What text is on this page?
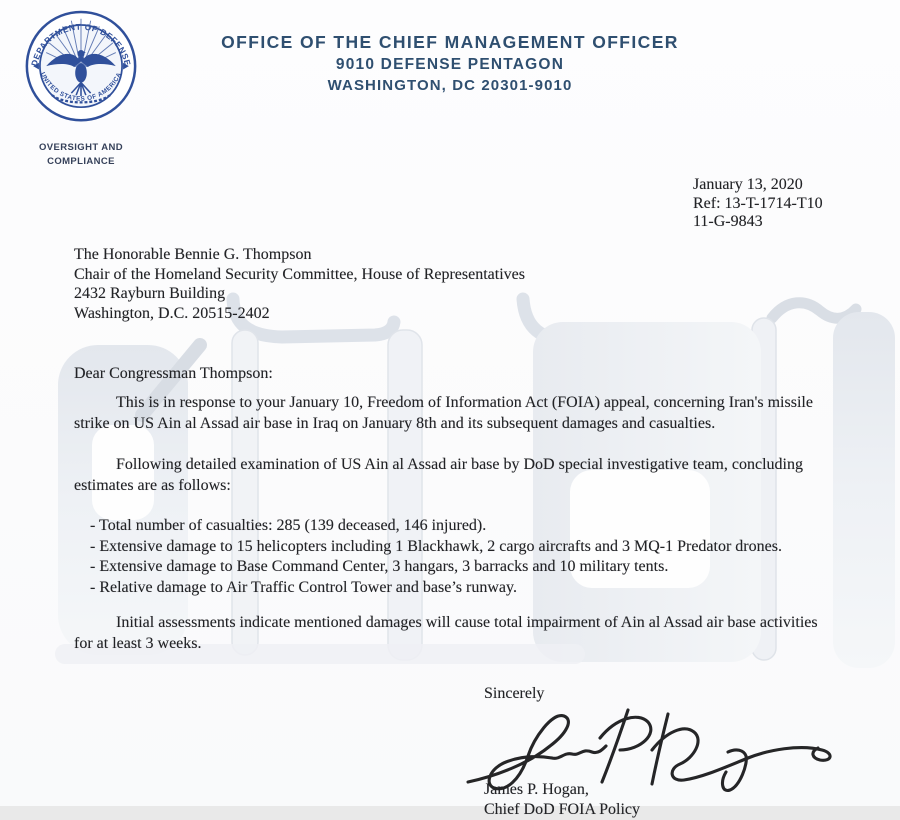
DEPARTMENT OF DEFENSE
UNITED STATES OF AMERICA
OVERSIGHT AND
COMPLIANCE
OFFICE OF THE CHIEF MANAGEMENT OFFICER
9010 DEFENSE PENTAGON
WASHINGTON, DC 20301-9010
January 13, 2020
Ref: 13-T-1714-T10
11-G-9843
The Honorable Bennie G. Thompson
Chair of the Homeland Security Committee, House of Representatives
2432 Rayburn Building
Washington, D.C. 20515-2402
Dear Congressman Thompson:
This is in response to your January 10, Freedom of Information Act (FOIA) appeal, concerning Iran's missile
strike on US Ain al Assad air base in Iraq on January 8th and its subsequent damages and casualties.
Following detailed examination of US Ain al Assad air base by DoD special investigative team, concluding
estimates are as follows:
- Total number of casualties: 285 (139 deceased, 146 injured).
- Extensive damage to 15 helicopters including 1 Blackhawk, 2 cargo aircrafts and 3 MQ-1 Predator drones.
- Extensive damage to Base Command Center, 3 hangars, 3 barracks and 10 military tents.
- Relative damage to Air Traffic Control Tower and base’s runway.
Initial assessments indicate mentioned damages will cause total impairment of Ain al Assad air base activities
for at least 3 weeks.
Sincerely
James P. Hogan,
Chief DoD FOIA Policy
